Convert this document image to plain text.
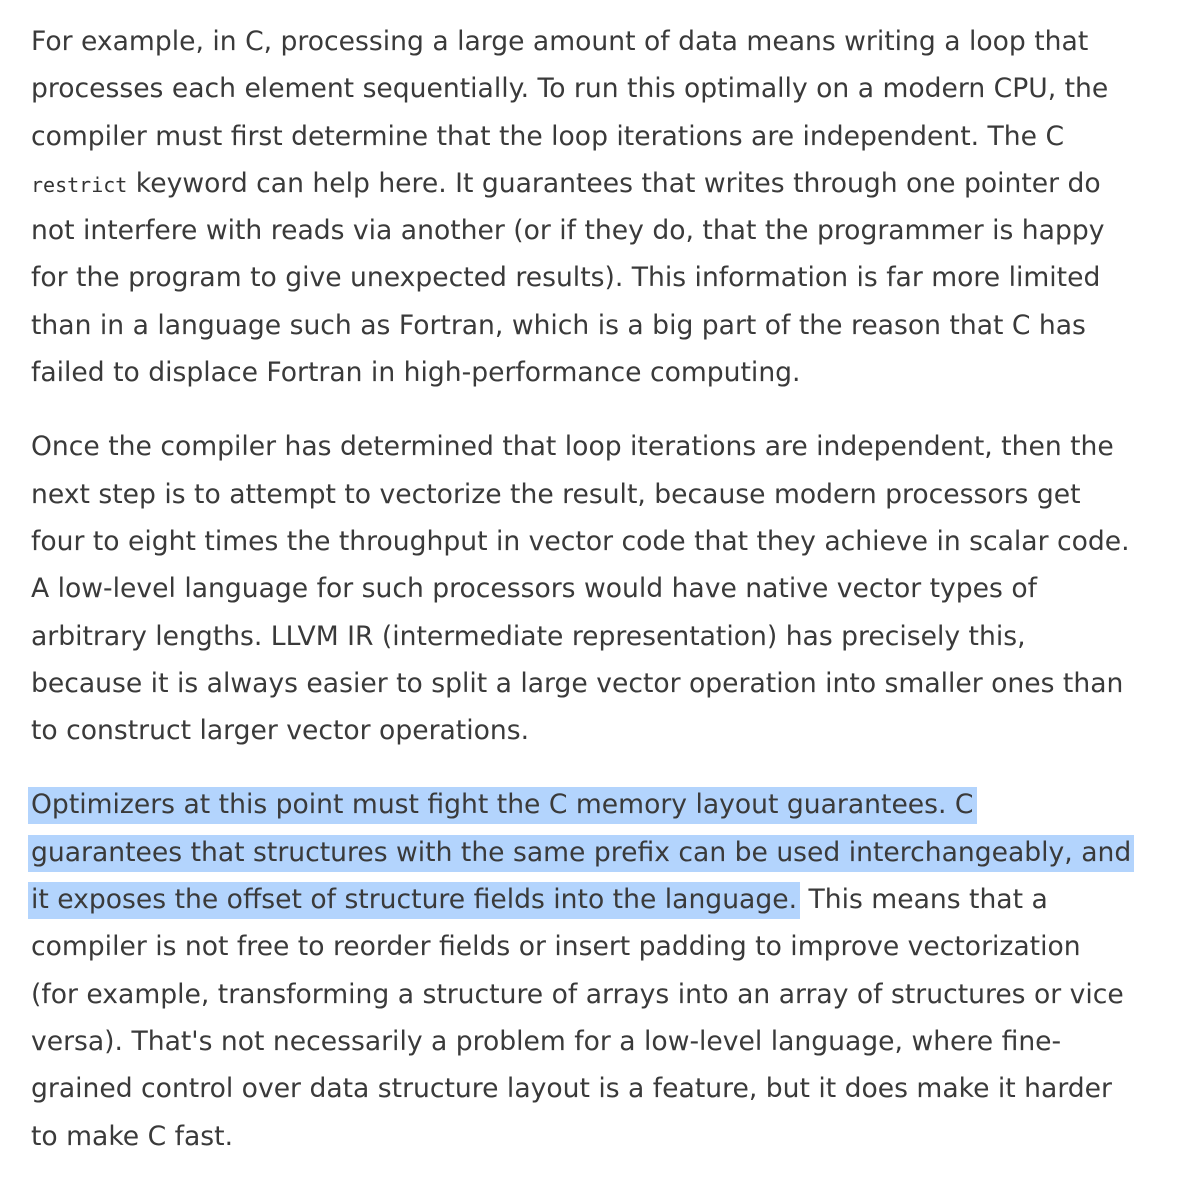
For example, in C, processing a large amount of data means writing a loop that
processes each element sequentially. To run this optimally on a modern CPU, the
compiler must first determine that the loop iterations are independent. The C
restrict keyword can help here. It guarantees that writes through one pointer do
not interfere with reads via another (or if they do, that the programmer is happy
for the program to give unexpected results). This information is far more limited
than in a language such as Fortran, which is a big part of the reason that C has
failed to displace Fortran in high-performance computing.

Once the compiler has determined that loop iterations are independent, then the
next step is to attempt to vectorize the result, because modern processors get
four to eight times the throughput in vector code that they achieve in scalar code.
A low-level language for such processors would have native vector types of
arbitrary lengths. LLVM IR (intermediate representation) has precisely this,
because it is always easier to split a large vector operation into smaller ones than
to construct larger vector operations.

Optimizers at this point must fight the C memory layout guarantees. C
guarantees that structures with the same prefix can be used interchangeably, and
it exposes the offset of structure fields into the language. This means that a
compiler is not free to reorder fields or insert padding to improve vectorization
(for example, transforming a structure of arrays into an array of structures or vice
versa). That's not necessarily a problem for a low-level language, where fine-
grained control over data structure layout is a feature, but it does make it harder
to make C fast.
